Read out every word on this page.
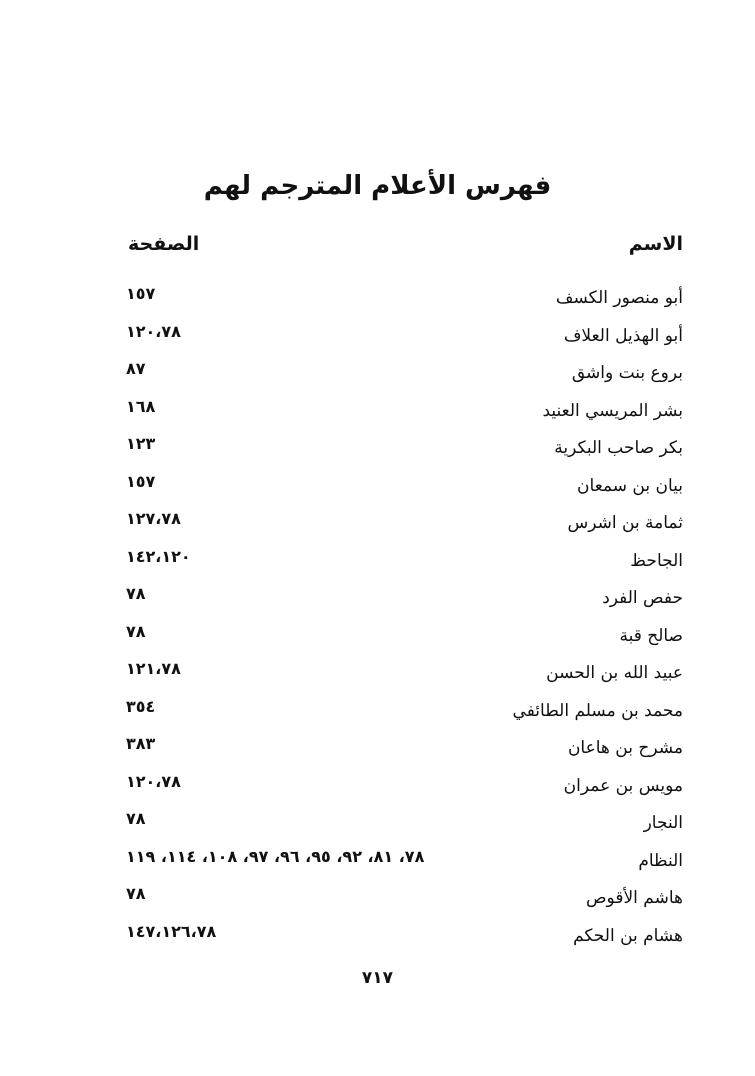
فهرس الأعلام المترجم لهم
الاسم
الصفحة
أبو منصور الكسف
١٥٧
أبو الهذيل العلاف
١٢٠،٧٨
بروع بنت واشق
٨٧
بشر المريسي العنيد
١٦٨
بكر صاحب البكرية
١٢٣
بيان بن سمعان
١٥٧
ثمامة بن اشرس
١٢٧،٧٨
الجاحظ
١٤٢،١٢٠
حفص الفرد
٧٨
صالح قبة
٧٨
عبيد الله بن الحسن
١٢١،٧٨
محمد بن مسلم الطائفي
٣٥٤
مشرح بن هاعان
٣٨٣
مويس بن عمران
١٢٠،٧٨
النجار
٧٨
النظام
٧٨، ٨١، ٩٢، ٩٥، ٩٦، ٩٧، ١٠٨، ١١٤، ١١٩
هاشم الأقوص
٧٨
هشام بن الحكم
١٤٧،١٢٦،٧٨
٧١٧
